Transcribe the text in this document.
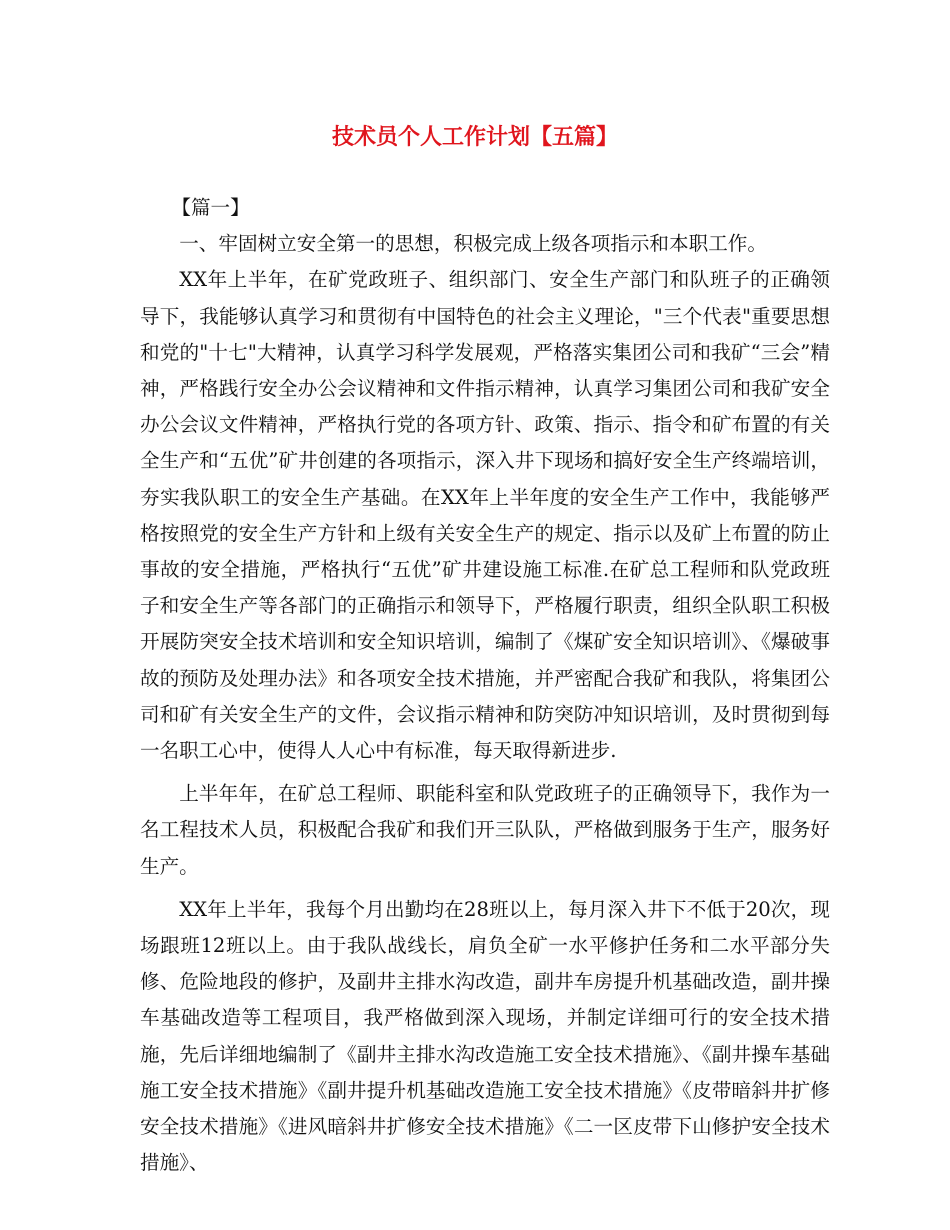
技术员个人工作计划【五篇】

【篇一】

一、牢固树立安全第一的思想，积极完成上级各项指示和本职工作。

XX年上半年，在矿党政班子、组织部门、安全生产部门和队班子的正确领导下，我能够认真学习和贯彻有中国特色的社会主义理论，"三个代表"重要思想和党的"十七"大精神，认真学习科学发展观，严格落实集团公司和我矿“三会”精神，严格践行安全办公会议精神和文件指示精神，认真学习集团公司和我矿安全办公会议文件精神，严格执行党的各项方针、政策、指示、指令和矿布置的有关全生产和“五优”矿井创建的各项指示，深入井下现场和搞好安全生产终端培训，夯实我队职工的安全生产基础。在XX年上半年度的安全生产工作中，我能够严格按照党的安全生产方针和上级有关安全生产的规定、指示以及矿上布置的防止事故的安全措施，严格执行“五优”矿井建设施工标准.在矿总工程师和队党政班子和安全生产等各部门的正确指示和领导下，严格履行职责，组织全队职工积极开展防突安全技术培训和安全知识培训，编制了《煤矿安全知识培训》、《爆破事故的预防及处理办法》和各项安全技术措施，并严密配合我矿和我队，将集团公司和矿有关安全生产的文件，会议指示精神和防突防冲知识培训，及时贯彻到每一名职工心中，使得人人心中有标准，每天取得新进步.

上半年年，在矿总工程师、职能科室和队党政班子的正确领导下，我作为一名工程技术人员，积极配合我矿和我们开三队队，严格做到服务于生产，服务好生产。

XX年上半年，我每个月出勤均在28班以上，每月深入井下不低于20次，现场跟班12班以上。由于我队战线长，肩负全矿一水平修护任务和二水平部分失修、危险地段的修护，及副井主排水沟改造，副井车房提升机基础改造，副井操车基础改造等工程项目，我严格做到深入现场，并制定详细可行的安全技术措施，先后详细地编制了《副井主排水沟改造施工安全技术措施》、《副井操车基础施工安全技术措施》《副井提升机基础改造施工安全技术措施》《皮带暗斜井扩修安全技术措施》《进风暗斜井扩修安全技术措施》《二一区皮带下山修护安全技术措施》、
